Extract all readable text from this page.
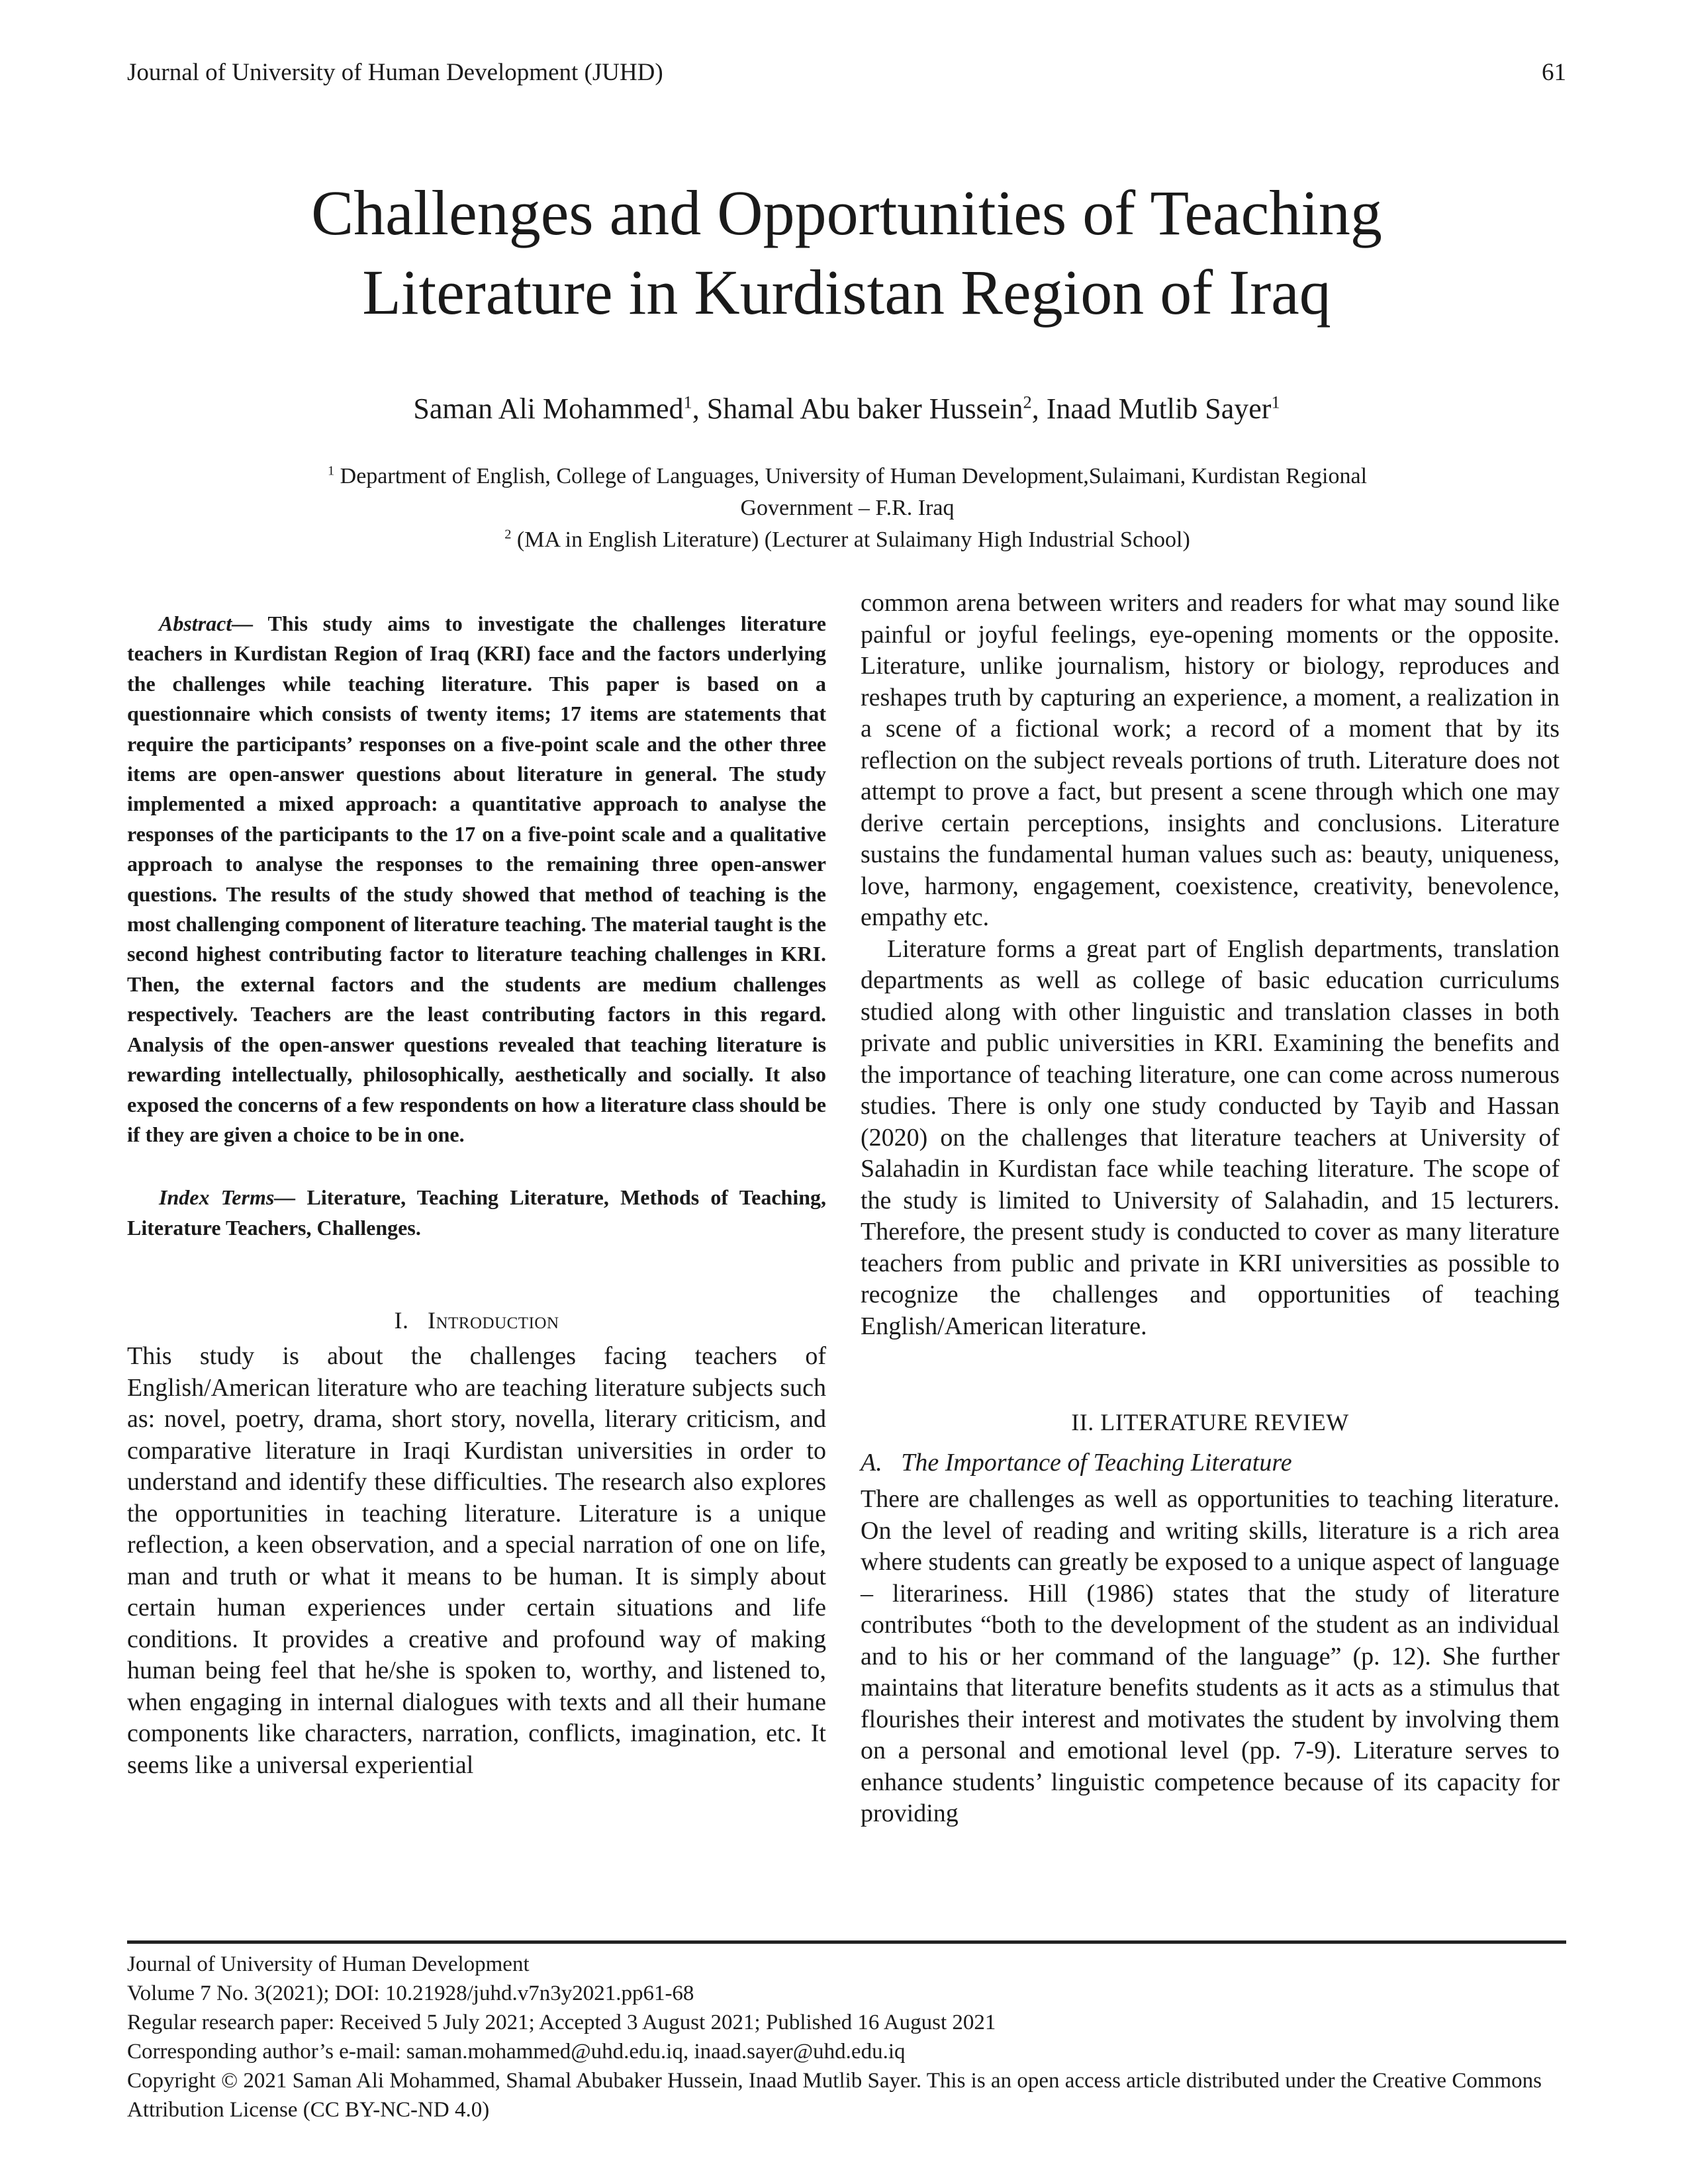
Journal of University of Human Development (JUHD)	61
Challenges and Opportunities of Teaching
Literature in Kurdistan Region of Iraq
Saman Ali Mohammed$^1$, Shamal Abu baker Hussein$^2$, Inaad Mutlib Sayer$^1$
$^1$ Department of English, College of Languages, University of Human Development,Sulaimani, Kurdistan Regional
Government – F.R. Iraq
$^2$ (MA in English Literature) (Lecturer at Sulaimany High Industrial School)

Abstract— This study aims to investigate the challenges literature teachers in Kurdistan Region of Iraq (KRI) face and the factors underlying the challenges while teaching literature. This paper is based on a questionnaire which consists of twenty items; 17 items are statements that require the participants’ responses on a five-point scale and the other three items are open-answer questions about literature in general. The study implemented a mixed approach: a quantitative approach to analyse the responses of the participants to the 17 on a five-point scale and a qualitative approach to analyse the responses to the remaining three open-answer questions. The results of the study showed that method of teaching is the most challenging component of literature teaching. The material taught is the second highest contributing factor to literature teaching challenges in KRI. Then, the external factors and the students are medium challenges respectively. Teachers are the least contributing factors in this regard. Analysis of the open-answer questions revealed that teaching literature is rewarding intellectually, philosophically, aesthetically and socially. It also exposed the concerns of a few respondents on how a literature class should be if they are given a choice to be in one.

Index Terms— Literature, Teaching Literature, Methods of Teaching, Literature Teachers, Challenges.

I. Introduction

This study is about the challenges facing teachers of English/American literature who are teaching literature subjects such as: novel, poetry, drama, short story, novella, literary criticism, and comparative literature in Iraqi Kurdistan universities in order to understand and identify these difficulties. The research also explores the opportunities in teaching literature. Literature is a unique reflection, a keen observation, and a special narration of one on life, man and truth or what it means to be human. It is simply about certain human experiences under certain situations and life conditions. It provides a creative and profound way of making human being feel that he/she is spoken to, worthy, and listened to, when engaging in internal dialogues with texts and all their humane components like characters, narration, conflicts, imagination, etc. It seems like a universal experiential

common arena between writers and readers for what may sound like painful or joyful feelings, eye-opening moments or the opposite. Literature, unlike journalism, history or biology, reproduces and reshapes truth by capturing an experience, a moment, a realization in a scene of a fictional work; a record of a moment that by its reflection on the subject reveals portions of truth. Literature does not attempt to prove a fact, but present a scene through which one may derive certain perceptions, insights and conclusions. Literature sustains the fundamental human values such as: beauty, uniqueness, love, harmony, engagement, coexistence, creativity, benevolence, empathy etc.

Literature forms a great part of English departments, translation departments as well as college of basic education curriculums studied along with other linguistic and translation classes in both private and public universities in KRI. Examining the benefits and the importance of teaching literature, one can come across numerous studies. There is only one study conducted by Tayib and Hassan (2020) on the challenges that literature teachers at University of Salahadin in Kurdistan face while teaching literature. The scope of the study is limited to University of Salahadin, and 15 lecturers. Therefore, the present study is conducted to cover as many literature teachers from public and private in KRI universities as possible to recognize the challenges and opportunities of teaching English/American literature.

II. LITERATURE REVIEW

A.   The Importance of Teaching Literature

There are challenges as well as opportunities to teaching literature. On the level of reading and writing skills, literature is a rich area where students can greatly be exposed to a unique aspect of language – literariness. Hill (1986) states that the study of literature contributes “both to the development of the student as an individual and to his or her command of the language” (p. 12). She further maintains that literature benefits students as it acts as a stimulus that flourishes their interest and motivates the student by involving them on a personal and emotional level (pp. 7-9). Literature serves to enhance students’ linguistic competence because of its capacity for providing

Journal of University of Human Development
Volume 7 No. 3(2021); DOI: 10.21928/juhd.v7n3y2021.pp61-68
Regular research paper: Received 5 July 2021; Accepted 3 August 2021; Published 16 August 2021
Corresponding author’s e-mail: saman.mohammed@uhd.edu.iq, inaad.sayer@uhd.edu.iq
Copyright © 2021 Saman Ali Mohammed, Shamal Abubaker Hussein, Inaad Mutlib Sayer. This is an open access article distributed under the Creative Commons Attribution License (CC BY-NC-ND 4.0)
